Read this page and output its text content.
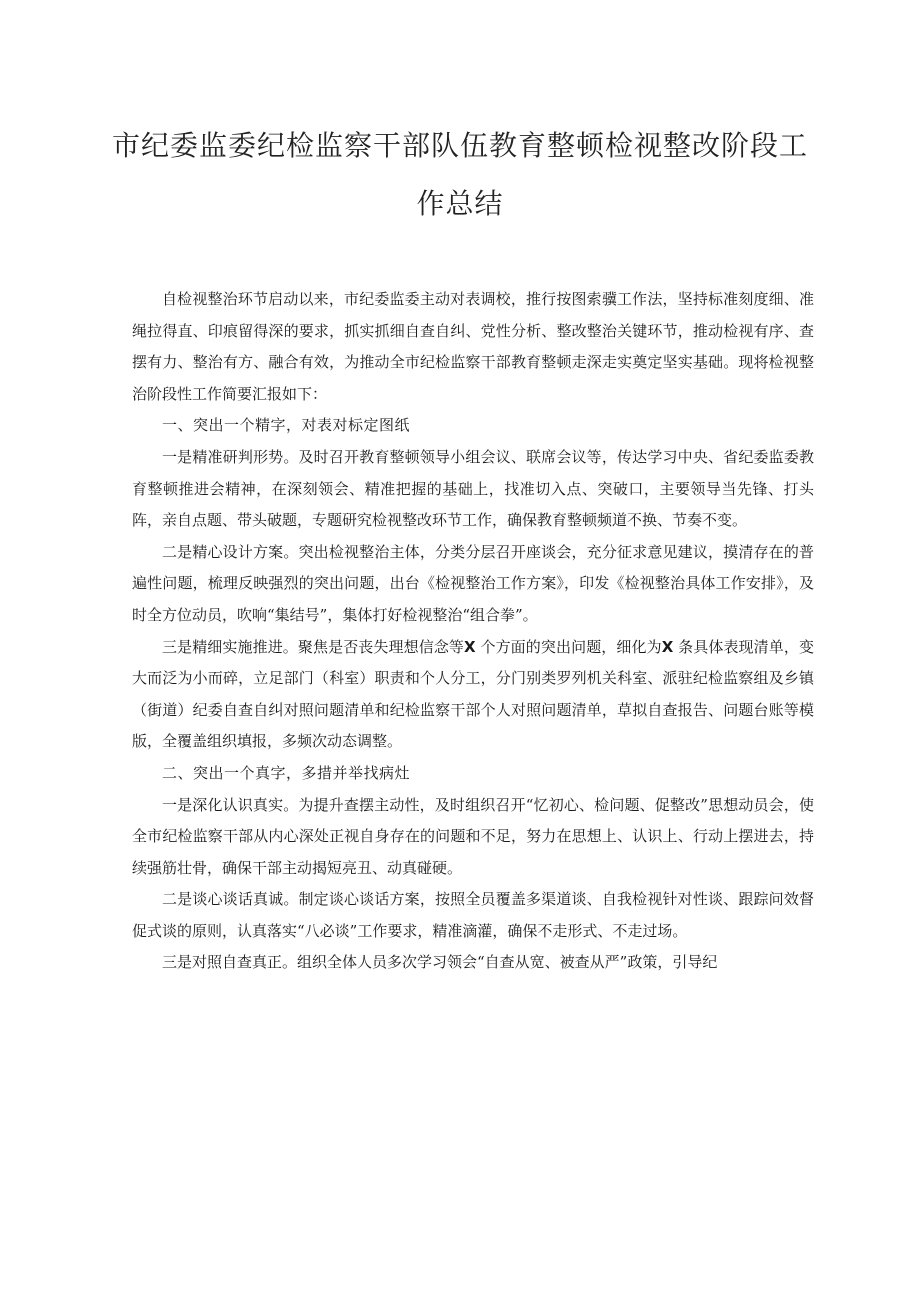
市纪委监委纪检监察干部队伍教育整顿检视整改阶段工
作总结

自检视整治环节启动以来，市纪委监委主动对表调校，推行按图索骥工作法，坚持标准刻度细、准绳拉得直、印痕留得深的要求，抓实抓细自查自纠、党性分析、整改整治关键环节，推动检视有序、查摆有力、整治有方、融合有效，为推动全市纪检监察干部教育整顿走深走实奠定坚实基础。现将检视整治阶段性工作简要汇报如下：

一、突出一个精字，对表对标定图纸

一是精准研判形势。及时召开教育整顿领导小组会议、联席会议等，传达学习中央、省纪委监委教育整顿推进会精神，在深刻领会、精准把握的基础上，找准切入点、突破口，主要领导当先锋、打头阵，亲自点题、带头破题，专题研究检视整改环节工作，确保教育整顿频道不换、节奏不变。

二是精心设计方案。突出检视整治主体，分类分层召开座谈会，充分征求意见建议，摸清存在的普遍性问题，梳理反映强烈的突出问题，出台《检视整治工作方案》，印发《检视整治具体工作安排》，及时全方位动员，吹响“集结号”，集体打好检视整治“组合拳”。

三是精细实施推进。聚焦是否丧失理想信念等X 个方面的突出问题，细化为X 条具体表现清单，变大而泛为小而碎，立足部门（科室）职责和个人分工，分门别类罗列机关科室、派驻纪检监察组及乡镇（街道）纪委自查自纠对照问题清单和纪检监察干部个人对照问题清单，草拟自查报告、问题台账等模版，全覆盖组织填报，多频次动态调整。

二、突出一个真字，多措并举找病灶

一是深化认识真实。为提升查摆主动性，及时组织召开“忆初心、检问题、促整改”思想动员会，使全市纪检监察干部从内心深处正视自身存在的问题和不足，努力在思想上、认识上、行动上摆进去，持续强筋壮骨，确保干部主动揭短亮丑、动真碰硬。

二是谈心谈话真诚。制定谈心谈话方案，按照全员覆盖多渠道谈、自我检视针对性谈、跟踪问效督促式谈的原则，认真落实“八必谈”工作要求，精准滴灌，确保不走形式、不走过场。

三是对照自查真正。组织全体人员多次学习领会“自查从宽、被查从严”政策，引导纪
